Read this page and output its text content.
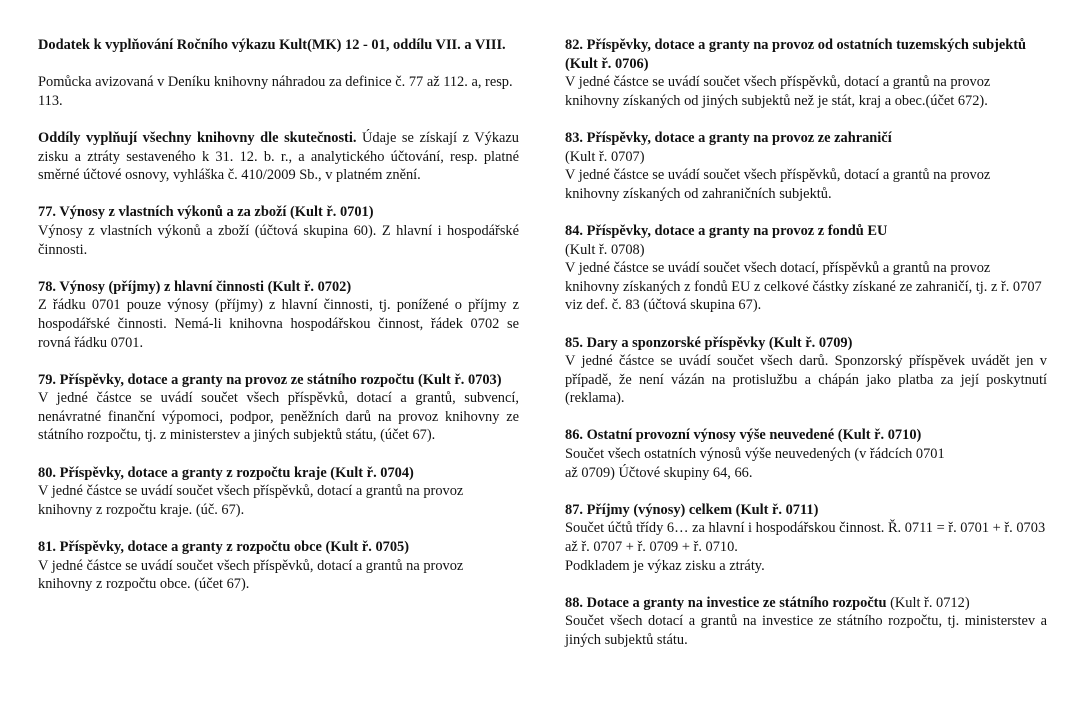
Dodatek k vyplňování Ročního výkazu Kult(MK) 12 - 01, oddílu VII. a VIII.

Pomůcka avizovaná v Deníku knihovny náhradou za definice č. 77 až 112. a, resp. 113.

Oddíly vyplňují všechny knihovny dle skutečnosti. Údaje se získají z Výkazu zisku a ztráty sestaveného k 31. 12. b. r., a analytického účtování, resp. platné směrné účtové osnovy, vyhláška č. 410/2009 Sb., v platném znění.

77. Výnosy z vlastních výkonů a za zboží (Kult ř. 0701)

Výnosy z vlastních výkonů a zboží (účtová skupina 60). Z hlavní i hospodářské činnosti.

78. Výnosy (příjmy) z hlavní činnosti (Kult ř. 0702)

Z řádku 0701 pouze výnosy (příjmy) z hlavní činnosti, tj. ponížené o příjmy z hospodářské činnosti. Nemá-li knihovna hospodářskou činnost, řádek 0702 se rovná řádku 0701.

79. Příspěvky, dotace a granty na provoz ze státního rozpočtu (Kult ř. 0703)

V jedné částce se uvádí součet všech příspěvků, dotací a grantů, subvencí, nenávratné finanční výpomoci, podpor, peněžních darů na provoz knihovny ze státního rozpočtu, tj. z ministerstev a jiných subjektů státu, (účet 67).

80. Příspěvky, dotace a granty z rozpočtu kraje (Kult ř. 0704)

V jedné částce se uvádí součet všech příspěvků, dotací a grantů na provoz knihovny z rozpočtu kraje. (úč. 67).

81. Příspěvky, dotace a granty z rozpočtu obce (Kult ř. 0705)

V jedné částce se uvádí součet všech příspěvků, dotací a grantů na provoz knihovny z rozpočtu obce. (účet 67).

82. Příspěvky, dotace a granty na provoz od ostatních tuzemských subjektů (Kult ř. 0706)

V jedné částce se uvádí součet všech příspěvků, dotací a grantů na provoz knihovny získaných od jiných subjektů než je stát, kraj a obec.(účet 672).

83. Příspěvky, dotace a granty na provoz ze zahraničí

(Kult ř. 0707)

V jedné částce se uvádí součet všech příspěvků, dotací a grantů na provoz knihovny získaných od zahraničních subjektů.

84. Příspěvky, dotace a granty na provoz z fondů EU

(Kult ř. 0708)

V jedné částce se uvádí součet všech dotací, příspěvků a grantů na provoz knihovny získaných z fondů EU z celkové částky získané ze zahraničí, tj. z ř. 0707 viz def. č. 83 (účtová skupina 67).

85. Dary a sponzorské příspěvky (Kult ř. 0709)

V jedné částce se uvádí součet všech darů. Sponzorský příspěvek uvádět jen v případě, že není vázán na protislužbu a chápán jako platba za její poskytnutí (reklama).

86. Ostatní provozní výnosy výše neuvedené (Kult ř. 0710)

Součet všech ostatních výnosů výše neuvedených (v řádcích 0701

až 0709) Účtové skupiny 64, 66.

87. Příjmy (výnosy) celkem (Kult ř. 0711)

Součet účtů třídy 6… za hlavní i hospodářskou činnost. Ř. 0711 = ř. 0701 + ř. 0703 až ř. 0707 + ř. 0709 + ř. 0710.

Podkladem je výkaz zisku a ztráty.

88. Dotace a granty na investice ze státního rozpočtu (Kult ř. 0712)

Součet všech dotací a grantů na investice ze státního rozpočtu, tj. ministerstev a jiných subjektů státu.
